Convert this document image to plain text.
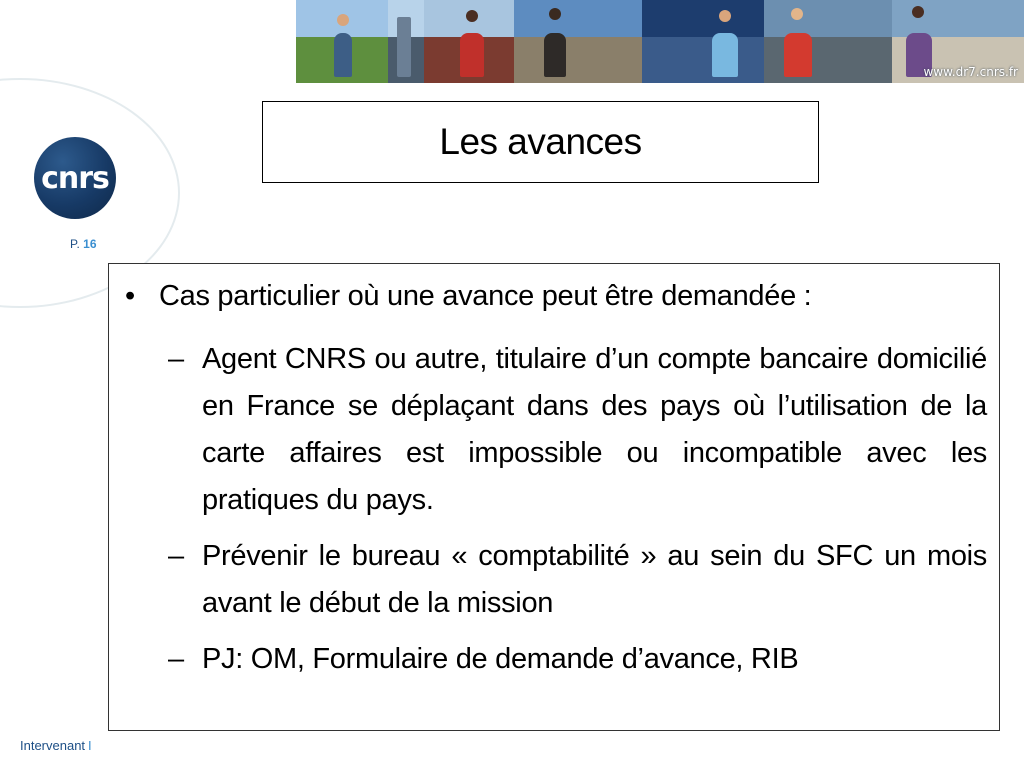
www.dr7.cnrs.fr
cnrs
P. 16
Les avances
• Cas particulier où une avance peut être demandée :
– Agent CNRS ou autre, titulaire d’un compte bancaire domicilié en France se déplaçant dans des pays où l’utilisation de la carte affaires est impossible ou incompatible avec les pratiques du pays.
– Prévenir le bureau « comptabilité » au sein du SFC un mois avant le début de la mission
– PJ: OM, Formulaire de demande d’avance, RIB
Intervenant I
